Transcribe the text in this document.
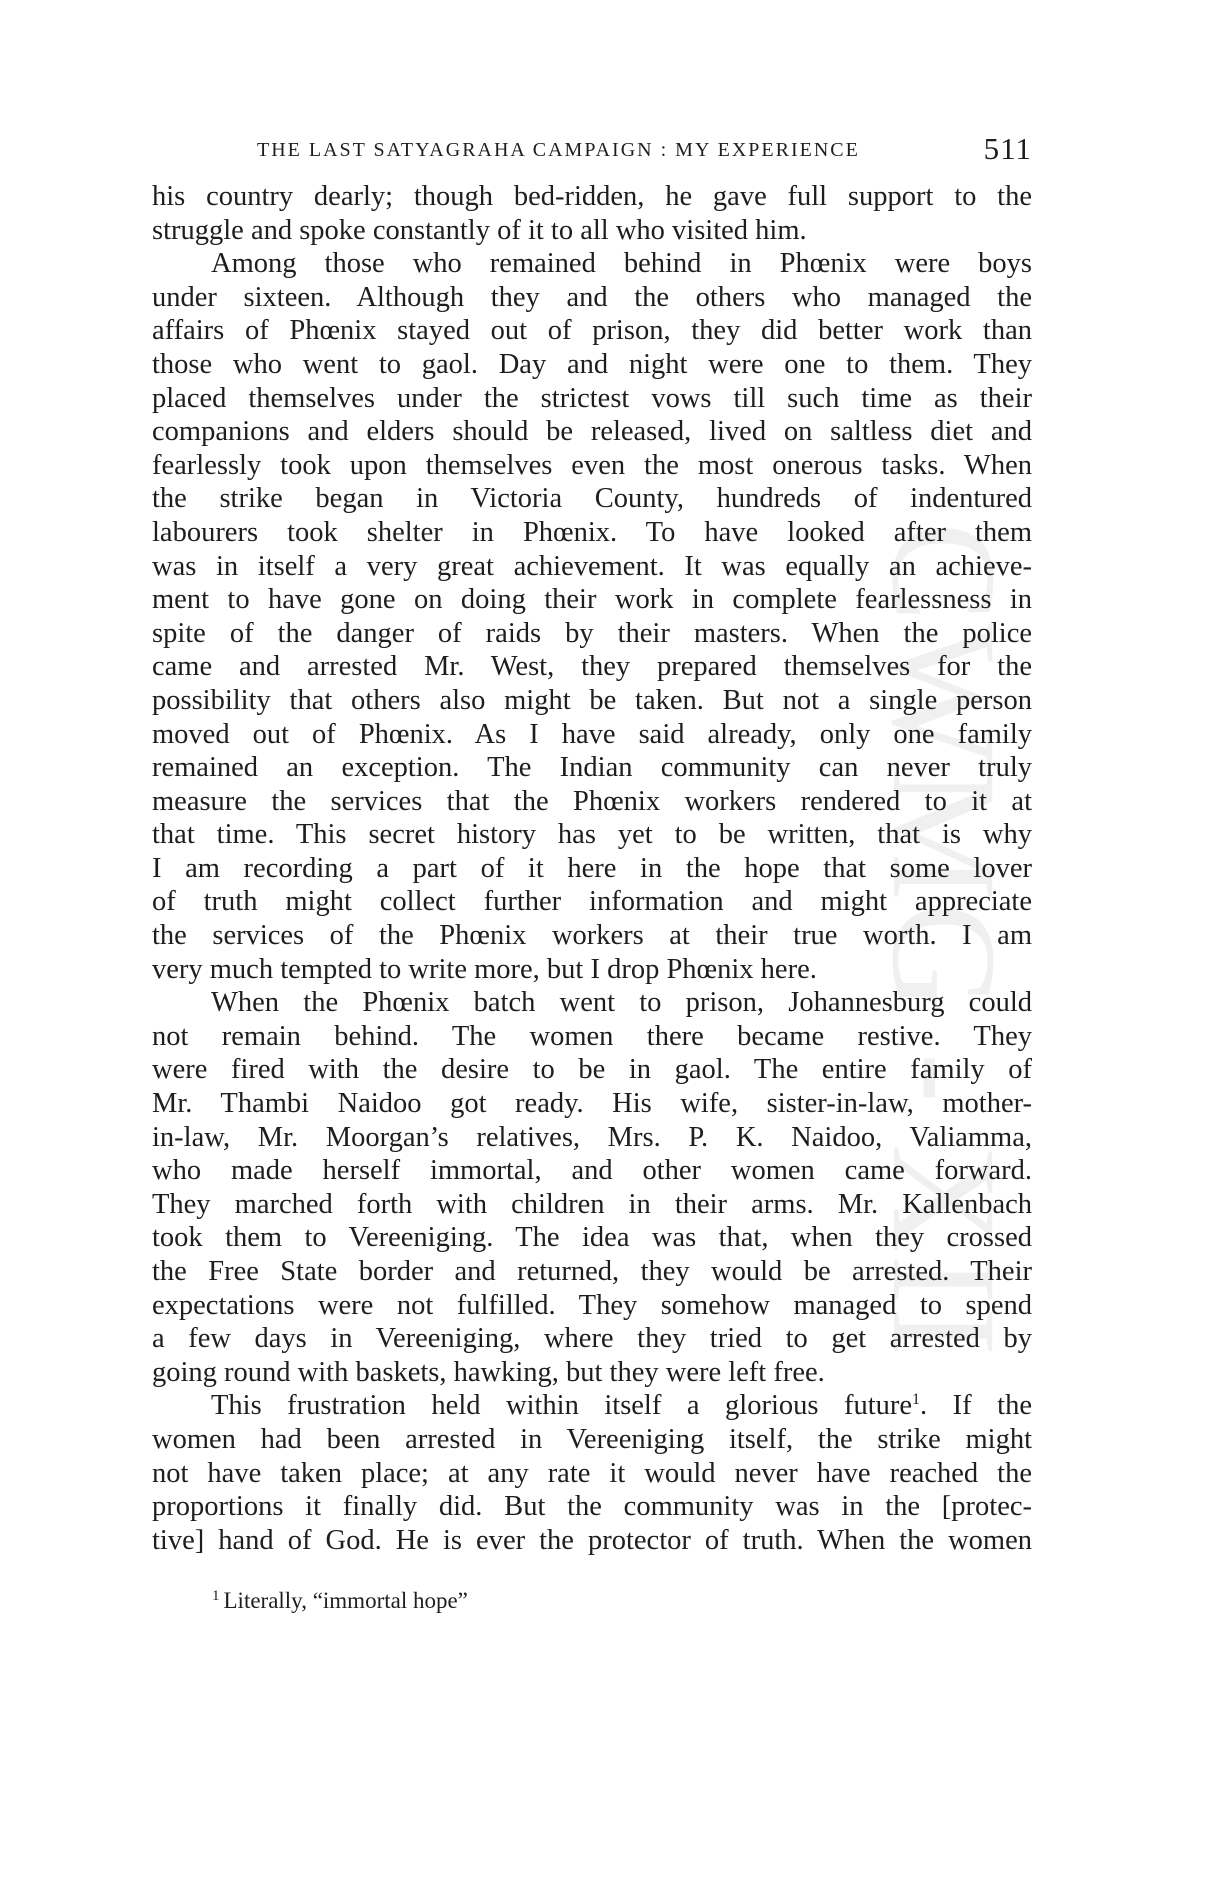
CWMG - XII
THE LAST SATYAGRAHA CAMPAIGN : MY EXPERIENCE	511
his country dearly; though bed-ridden, he gave full support to the
struggle and spoke constantly of it to all who visited him.
Among those who remained behind in Phœnix were boys
under sixteen. Although they and the others who managed the
affairs of Phœnix stayed out of prison, they did better work than
those who went to gaol. Day and night were one to them. They
placed themselves under the strictest vows till such time as their
companions and elders should be released, lived on saltless diet and
fearlessly took upon themselves even the most onerous tasks. When
the strike began in Victoria County, hundreds of indentured
labourers took shelter in Phœnix. To have looked after them
was in itself a very great achievement. It was equally an achieve-
ment to have gone on doing their work in complete fearlessness in
spite of the danger of raids by their masters. When the police
came and arrested Mr. West, they prepared themselves for the
possibility that others also might be taken. But not a single person
moved out of Phœnix. As I have said already, only one family
remained an exception. The Indian community can never truly
measure the services that the Phœnix workers rendered to it at
that time. This secret history has yet to be written, that is why
I am recording a part of it here in the hope that some lover
of truth might collect further information and might appreciate
the services of the Phœnix workers at their true worth. I am
very much tempted to write more, but I drop Phœnix here.
When the Phœnix batch went to prison, Johannesburg could
not remain behind. The women there became restive. They
were fired with the desire to be in gaol. The entire family of
Mr. Thambi Naidoo got ready. His wife, sister-in-law, mother-
in-law, Mr. Moorgan’s relatives, Mrs. P. K. Naidoo, Valiamma,
who made herself immortal, and other women came forward.
They marched forth with children in their arms. Mr. Kallenbach
took them to Vereeniging. The idea was that, when they crossed
the Free State border and returned, they would be arrested. Their
expectations were not fulfilled. They somehow managed to spend
a few days in Vereeniging, where they tried to get arrested by
going round with baskets, hawking, but they were left free.
This frustration held within itself a glorious future$^1$. If the
women had been arrested in Vereeniging itself, the strike might
not have taken place; at any rate it would never have reached the
proportions it finally did. But the community was in the [protec-
tive] hand of God. He is ever the protector of truth. When the women
$^1$ Literally, “immortal hope”
